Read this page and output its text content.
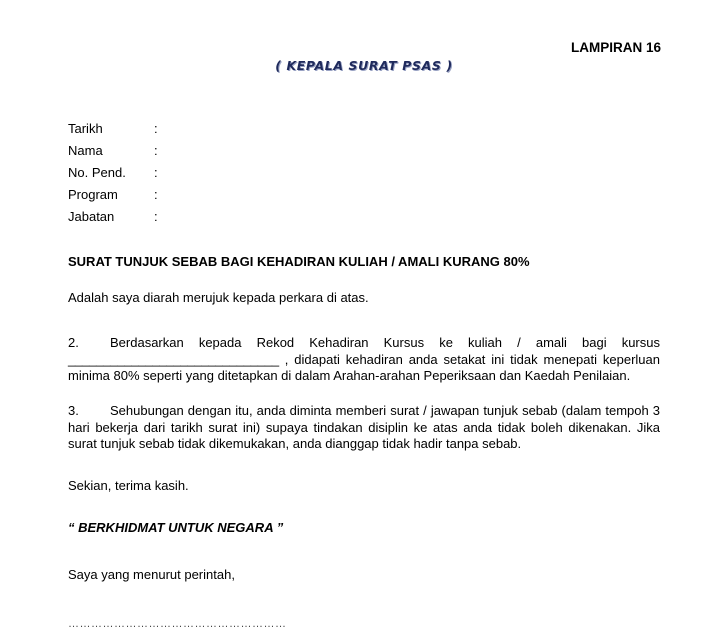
LAMPIRAN 16
( KEPALA SURAT PSAS )
Tarikh	:
Nama	:
No. Pend.	:
Program	:
Jabatan	:
SURAT TUNJUK SEBAB BAGI KEHADIRAN KULIAH / AMALI KURANG 80%
Adalah saya diarah merujuk kepada perkara di atas.
2. Berdasarkan kepada Rekod Kehadiran Kursus ke kuliah / amali bagi kursus
______________________________ , didapati kehadiran anda setakat ini tidak menepati keperluan
minima 80% seperti yang ditetapkan di dalam Arahan-arahan Peperiksaan dan Kaedah Penilaian.
3. Sehubungan dengan itu, anda diminta memberi surat / jawapan tunjuk sebab (dalam tempoh 3 hari bekerja dari tarikh surat ini) supaya tindakan disiplin ke atas anda tidak boleh dikenakan. Jika surat tunjuk sebab tidak dikemukakan, anda dianggap tidak hadir tanpa sebab.
Sekian, terima kasih.
“ BERKHIDMAT UNTUK NEGARA ”
Saya yang menurut perintah,
…………………………………………………
